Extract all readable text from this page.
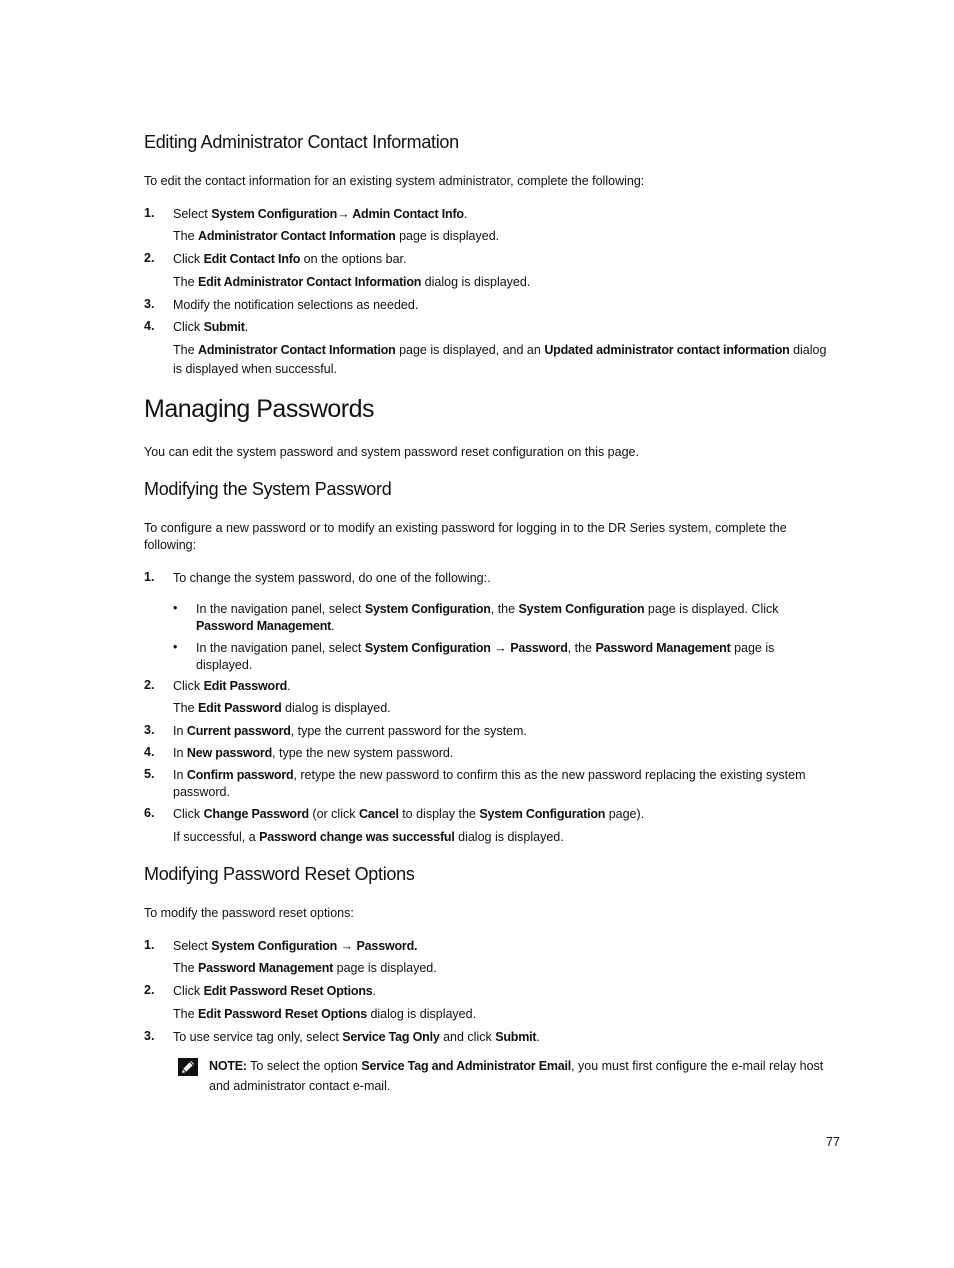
Editing Administrator Contact Information
To edit the contact information for an existing system administrator, complete the following:
1. Select System Configuration→ Admin Contact Info.
The Administrator Contact Information page is displayed.
2. Click Edit Contact Info on the options bar.
The Edit Administrator Contact Information dialog is displayed.
3. Modify the notification selections as needed.
4. Click Submit.
The Administrator Contact Information page is displayed, and an Updated administrator contact information dialog is displayed when successful.
Managing Passwords
You can edit the system password and system password reset configuration on this page.
Modifying the System Password
To configure a new password or to modify an existing password for logging in to the DR Series system, complete the following:
1. To change the system password, do one of the following:.
• In the navigation panel, select System Configuration, the System Configuration page is displayed. Click Password Management.
• In the navigation panel, select System Configuration → Password, the Password Management page is displayed.
2. Click Edit Password.
The Edit Password dialog is displayed.
3. In Current password, type the current password for the system.
4. In New password, type the new system password.
5. In Confirm password, retype the new password to confirm this as the new password replacing the existing system password.
6. Click Change Password (or click Cancel to display the System Configuration page).
If successful, a Password change was successful dialog is displayed.
Modifying Password Reset Options
To modify the password reset options:
1. Select System Configuration → Password.
The Password Management page is displayed.
2. Click Edit Password Reset Options.
The Edit Password Reset Options dialog is displayed.
3. To use service tag only, select Service Tag Only and click Submit.
NOTE: To select the option Service Tag and Administrator Email, you must first configure the e-mail relay host and administrator contact e-mail.
77
